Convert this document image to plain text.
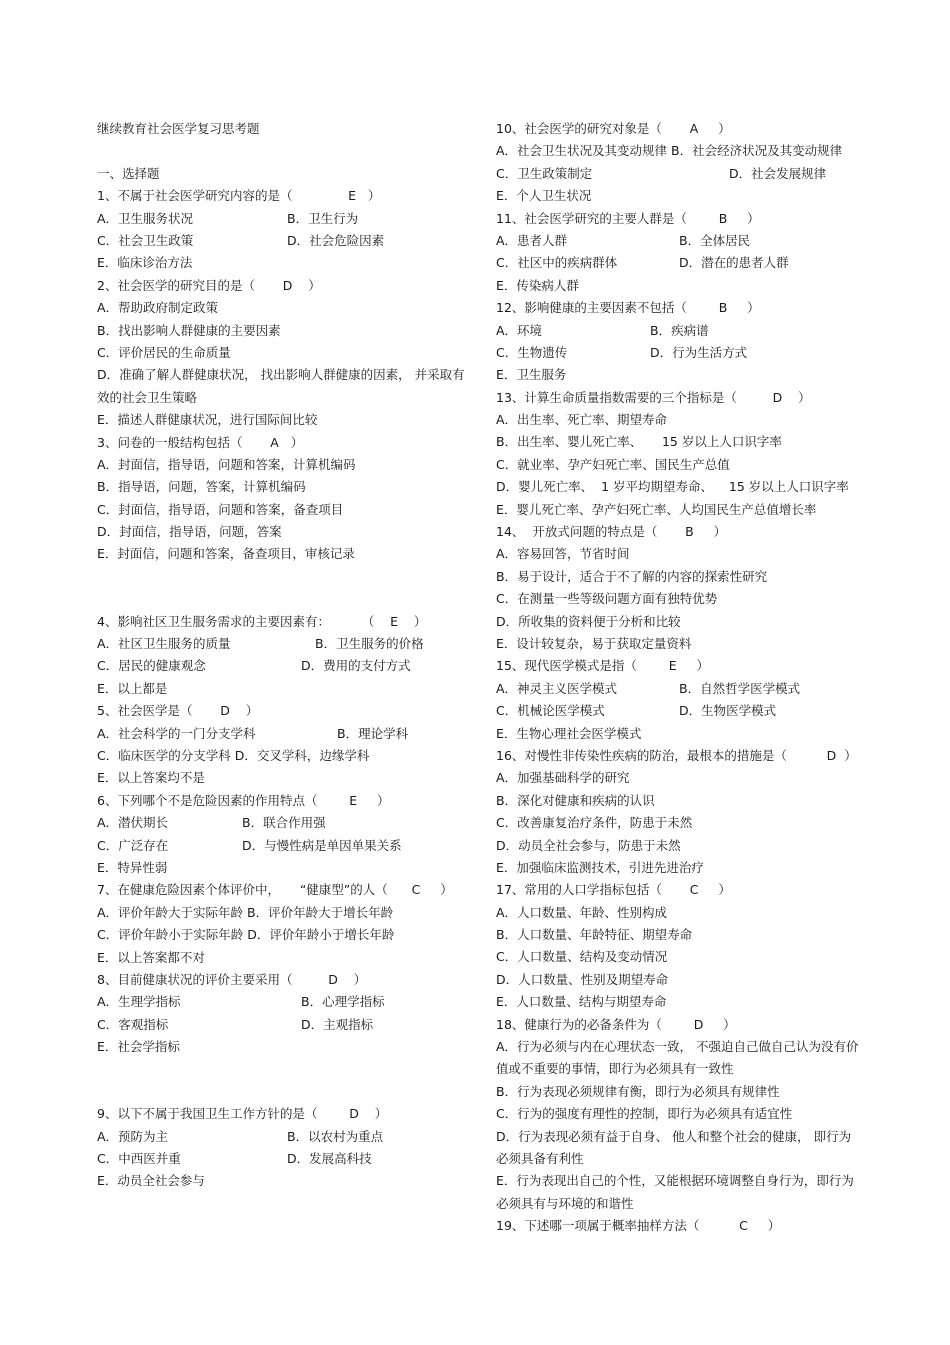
继续教育社会医学复习思考题
一、选择题
1、不属于社会医学研究内容的是（              E   ）
A．卫生服务状况	B．卫生行为
C．社会卫生政策	D．社会危险因素
E．临床诊治方法
2、社会医学的研究目的是（       D    ）
A．帮助政府制定政策
B．找出影响人群健康的主要因素
C．评价居民的生命质量
D．准确了解人群健康状况， 找出影响人群健康的因素， 并采取有效的社会卫生策略
E．描述人群健康状况，进行国际间比较
3、问卷的一般结构包括（       A   ）
A．封面信，指导语，问题和答案，计算机编码
B．指导语，问题，答案，计算机编码
C．封面信，指导语，问题和答案，备查项目
D．封面信，指导语，问题，答案
E．封面信，问题和答案，备查项目，审核记录
4、影响社区卫生服务需求的主要因素有：        （    E    ）
A．社区卫生服务的质量	B．卫生服务的价格
C．居民的健康观念	D．费用的支付方式
E．以上都是
5、社会医学是（       D    ）
A．社会科学的一门分支学科	B．理论学科
C．临床医学的分支学科 D．交叉学科，边缘学科
E．以上答案均不是
6、下列哪个不是危险因素的作用特点（        E     ）
A．潜伏期长	B．联合作用强
C．广泛存在	D．与慢性病是单因单果关系
E．特异性弱
7、在健康危险因素个体评价中，     “健康型”的人（      C     ）
A．评价年龄大于实际年龄 B．评价年龄大于增长年龄
C．评价年龄小于实际年龄 D．评价年龄小于增长年龄
E．以上答案都不对
8、目前健康状况的评价主要采用（         D    ）
A．生理学指标	B．心理学指标
C．客观指标	D．主观指标
E．社会学指标
9、以下不属于我国卫生工作方针的是（        D    ）
A．预防为主	B．以农村为重点
C．中西医并重	D．发展高科技
E．动员全社会参与
10、社会医学的研究对象是（       A     ）
A．社会卫生状况及其变动规律 B．社会经济状况及其变动规律
C．卫生政策制定	D．社会发展规律
E．个人卫生状况
11、社会医学研究的主要人群是（        B     ）
A．患者人群	B．全体居民
C．社区中的疾病群体	D．潜在的患者人群
E．传染病人群
12、影响健康的主要因素不包括（        B     ）
A．环境	B．疾病谱
C．生物遗传	D．行为生活方式
E．卫生服务
13、计算生命质量指数需要的三个指标是（         D    ）
A．出生率、死亡率、期望寿命
B．出生率、婴儿死亡率、     15 岁以上人口识字率
C．就业率、孕产妇死亡率、国民生产总值
D．婴儿死亡率、  1 岁平均期望寿命、    15 岁以上人口识字率
E．婴儿死亡率、孕产妇死亡率、人均国民生产总值增长率
14、  开放式问题的特点是（       B     ）
A．容易回答，节省时间
B．易于设计，适合于不了解的内容的探索性研究
C．在测量一些等级问题方面有独特优势
D．所收集的资料便于分析和比较
E．设计较复杂，易于获取定量资料
15、现代医学模式是指（        E     ）
A．神灵主义医学模式	B．自然哲学医学模式
C．机械论医学模式	D．生物医学模式
E．生物心理社会医学模式
16、对慢性非传染性疾病的防治，最根本的措施是（          D  ）
A．加强基础科学的研究
B．深化对健康和疾病的认识
C．改善康复治疗条件，防患于未然
D．动员全社会参与，防患于未然
E．加强临床监测技术，引进先进治疗
17、常用的人口学指标包括（       C     ）
A．人口数量、年龄、性别构成
B．人口数量、年龄特征、期望寿命
C．人口数量、结构及变动情况
D．人口数量、性别及期望寿命
E．人口数量、结构与期望寿命
18、健康行为的必备条件为（        D     ）
A．行为必须与内在心理状态一致， 不强迫自己做自己认为没有价值或不重要的事情，即行为必须具有一致性
B．行为表现必须规律有衡，即行为必须具有规律性
C．行为的强度有理性的控制，即行为必须具有适宜性
D．行为表现必须有益于自身、 他人和整个社会的健康， 即行为必须具备有利性
E．行为表现出自己的个性，又能根据环境调整自身行为，即行为必须具有与环境的和谐性
19、下述哪一项属于概率抽样方法（          C     ）
